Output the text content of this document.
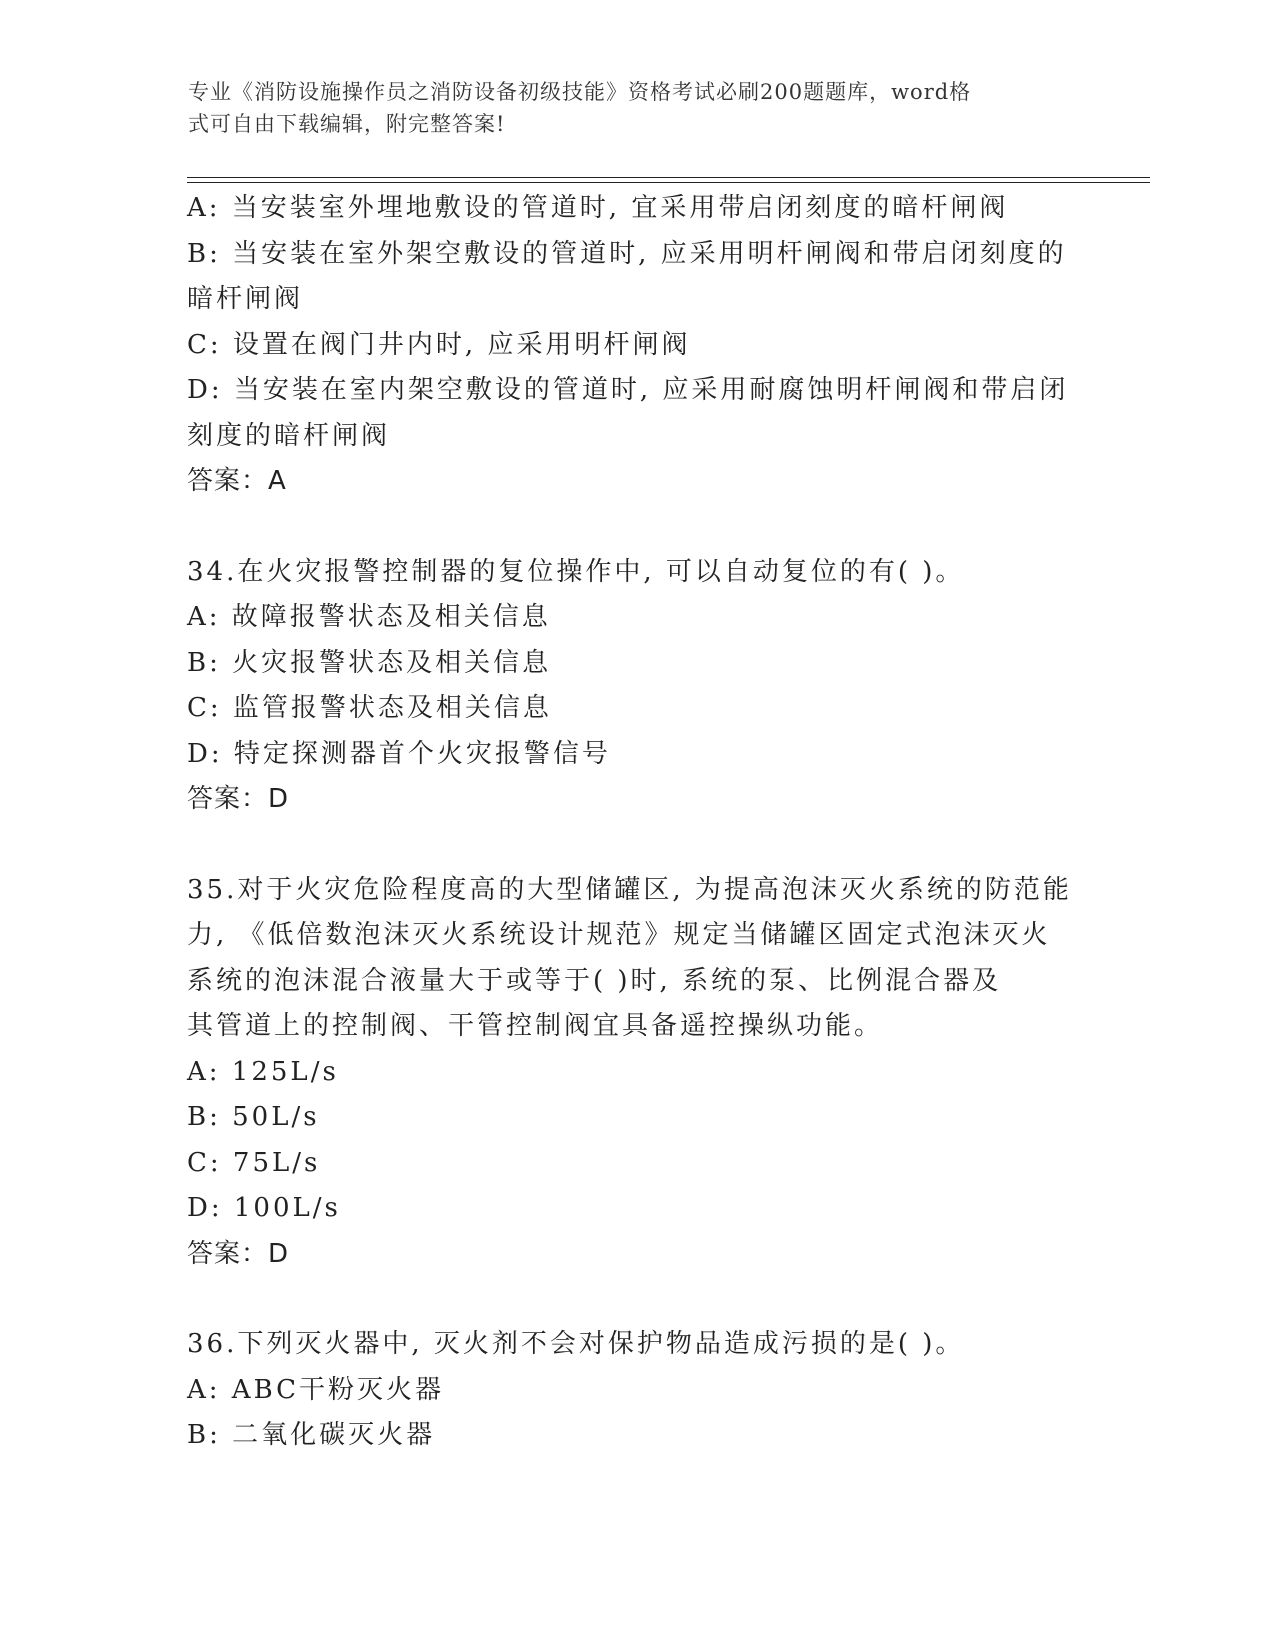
专业《消防设施操作员之消防设备初级技能》资格考试必刷200题题库，word格
式可自由下载编辑，附完整答案!
A: 当安装室外埋地敷设的管道时, 宜采用带启闭刻度的暗杆闸阀
B: 当安装在室外架空敷设的管道时, 应采用明杆闸阀和带启闭刻度的
暗杆闸阀
C: 设置在阀门井内时, 应采用明杆闸阀
D: 当安装在室内架空敷设的管道时, 应采用耐腐蚀明杆闸阀和带启闭
刻度的暗杆闸阀
答案：A
34.在火灾报警控制器的复位操作中, 可以自动复位的有( )。
A: 故障报警状态及相关信息
B: 火灾报警状态及相关信息
C: 监管报警状态及相关信息
D: 特定探测器首个火灾报警信号
答案：D
35.对于火灾危险程度高的大型储罐区, 为提高泡沫灭火系统的防范能
力, 《低倍数泡沫灭火系统设计规范》规定当储罐区固定式泡沫灭火
系统的泡沫混合液量大于或等于( )时, 系统的泵、比例混合器及
其管道上的控制阀、干管控制阀宜具备遥控操纵功能。
A: 125L/s
B: 50L/s
C: 75L/s
D: 100L/s
答案：D
36.下列灭火器中, 灭火剂不会对保护物品造成污损的是( )。
A: ABC干粉灭火器
B: 二氧化碳灭火器
